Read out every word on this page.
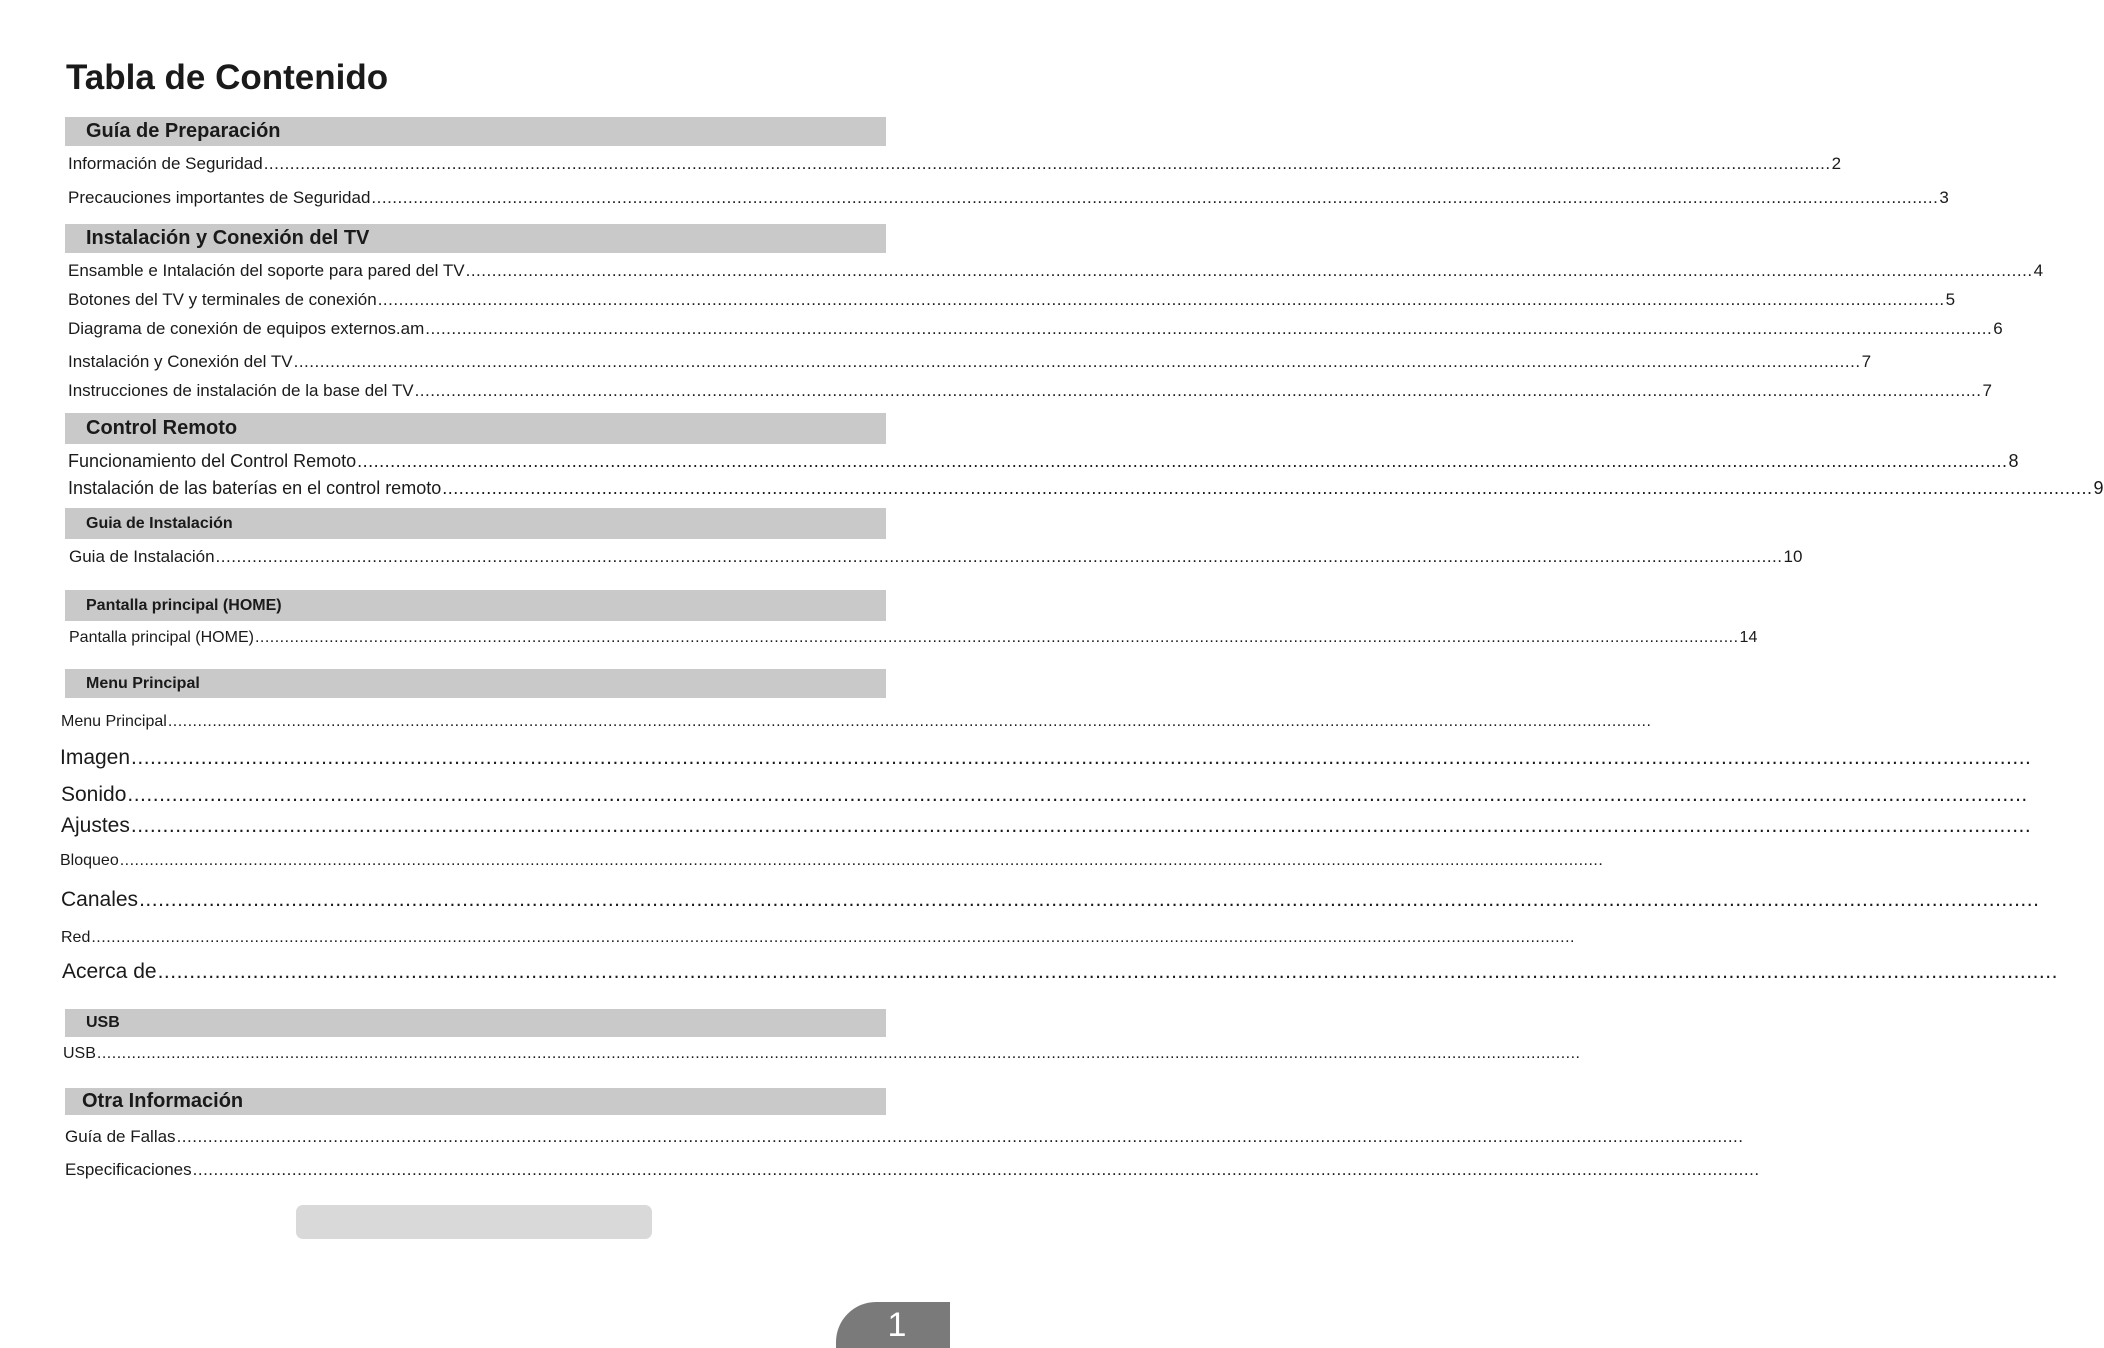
Tabla de Contenido
Guía de Preparación
Información de Seguridad ............................................................................................................................................................................................................................................................................................................ 2
Precauciones importantes de Seguridad ............................................................................................................................................................................................................................................................................................................ 3
Instalación y Conexión del TV
Ensamble e Intalación del soporte para pared del TV ............................................................................................................................................................................................................................................................................................................ 4
Botones del TV y terminales de conexión ............................................................................................................................................................................................................................................................................................................ 5
Diagrama de conexión de equipos externos.am ............................................................................................................................................................................................................................................................................................................ 6
Instalación y Conexión del TV ............................................................................................................................................................................................................................................................................................................ 7
Instrucciones de instalación de la base del TV ............................................................................................................................................................................................................................................................................................................ 7
Control Remoto
Funcionamiento del Control Remoto ............................................................................................................................................................................................................................................................................................................ 8
Instalación de las baterías en el control remoto ............................................................................................................................................................................................................................................................................................................ 9
Guia de Instalación
Guia de Instalación ............................................................................................................................................................................................................................................................................................................ 10
Pantalla principal (HOME)
Pantalla principal (HOME) ............................................................................................................................................................................................................................................................................................................ 14
Menu Principal
Menu Principal ............................................................................................................................................................................................................................................................................................................
Imagen ............................................................................................................................................................................................................................................................................................................
Sonido ............................................................................................................................................................................................................................................................................................................
Ajustes ............................................................................................................................................................................................................................................................................................................
Bloqueo ............................................................................................................................................................................................................................................................................................................
Canales ............................................................................................................................................................................................................................................................................................................
Red ............................................................................................................................................................................................................................................................................................................
Acerca de ............................................................................................................................................................................................................................................................................................................
USB
USB ............................................................................................................................................................................................................................................................................................................
Otra Información
Guía de Fallas ............................................................................................................................................................................................................................................................................................................
Especificaciones ............................................................................................................................................................................................................................................................................................................
1
